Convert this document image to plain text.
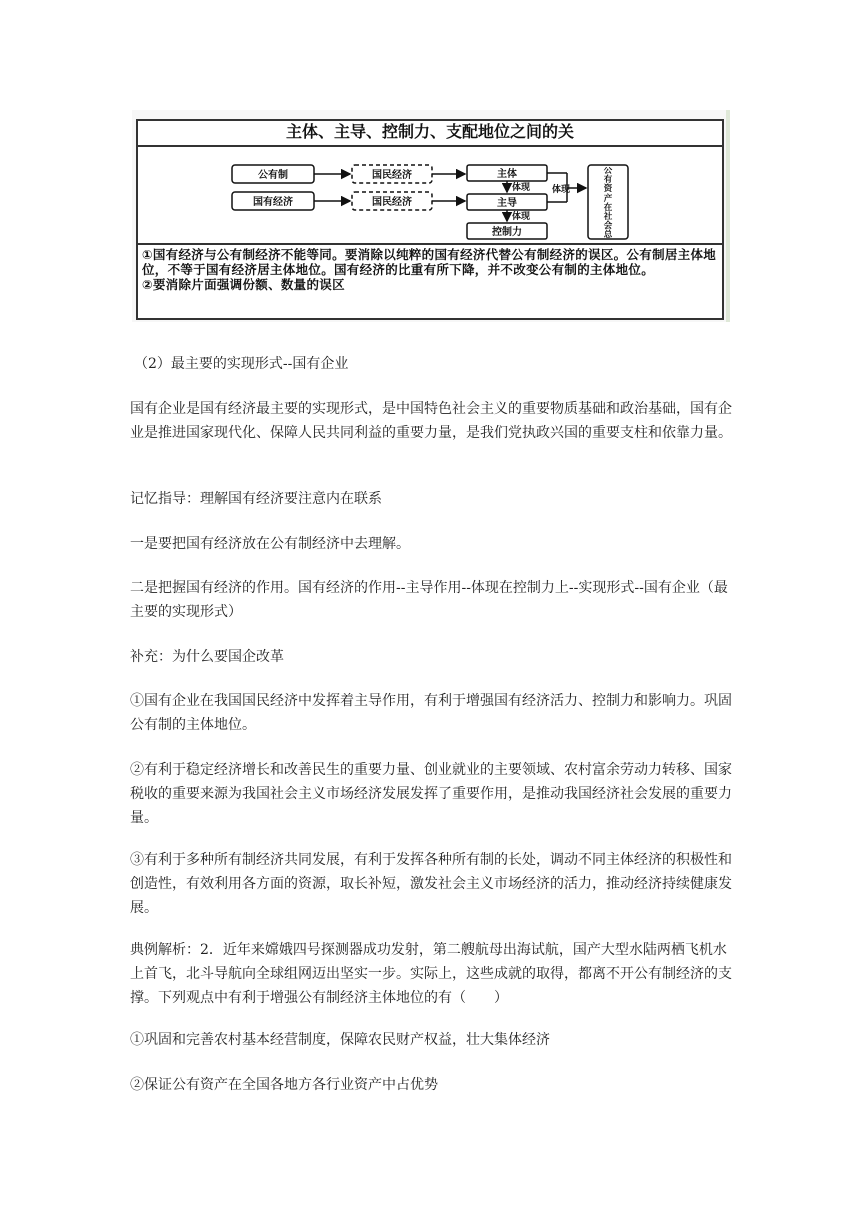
主体、主导、控制力、支配地位之间的关
公有制
国有经济
国民经济
国民经济
主体
主导
控制力
公有资产在社会总
体现
体现
体现
①国有经济与公有制经济不能等同。要消除以纯粹的国有经济代替公有制经济的误区。公有制居主体地位，不等于国有经济居主体地位。国有经济的比重有所下降，并不改变公有制的主体地位。
②要消除片面强调份额、数量的误区

（2）最主要的实现形式--国有企业

国有企业是国有经济最主要的实现形式，是中国特色社会主义的重要物质基础和政治基础，国有企业是推进国家现代化、保障人民共同利益的重要力量，是我们党执政兴国的重要支柱和依靠力量。

记忆指导：理解国有经济要注意内在联系

一是要把国有经济放在公有制经济中去理解。

二是把握国有经济的作用。国有经济的作用--主导作用--体现在控制力上--实现形式--国有企业（最主要的实现形式）

补充：为什么要国企改革

①国有企业在我国国民经济中发挥着主导作用，有利于增强国有经济活力、控制力和影响力。巩固公有制的主体地位。

②有利于稳定经济增长和改善民生的重要力量、创业就业的主要领域、农村富余劳动力转移、国家税收的重要来源为我国社会主义市场经济发展发挥了重要作用，是推动我国经济社会发展的重要力量。

③有利于多种所有制经济共同发展，有利于发挥各种所有制的长处，调动不同主体经济的积极性和创造性，有效利用各方面的资源，取长补短，激发社会主义市场经济的活力，推动经济持续健康发展。

典例解析：2．近年来嫦娥四号探测器成功发射，第二艘航母出海试航，国产大型水陆两栖飞机水上首飞，北斗导航向全球组网迈出坚实一步。实际上，这些成就的取得，都离不开公有制经济的支撑。下列观点中有利于增强公有制经济主体地位的有（　　）

①巩固和完善农村基本经营制度，保障农民财产权益，壮大集体经济

②保证公有资产在全国各地方各行业资产中占优势
